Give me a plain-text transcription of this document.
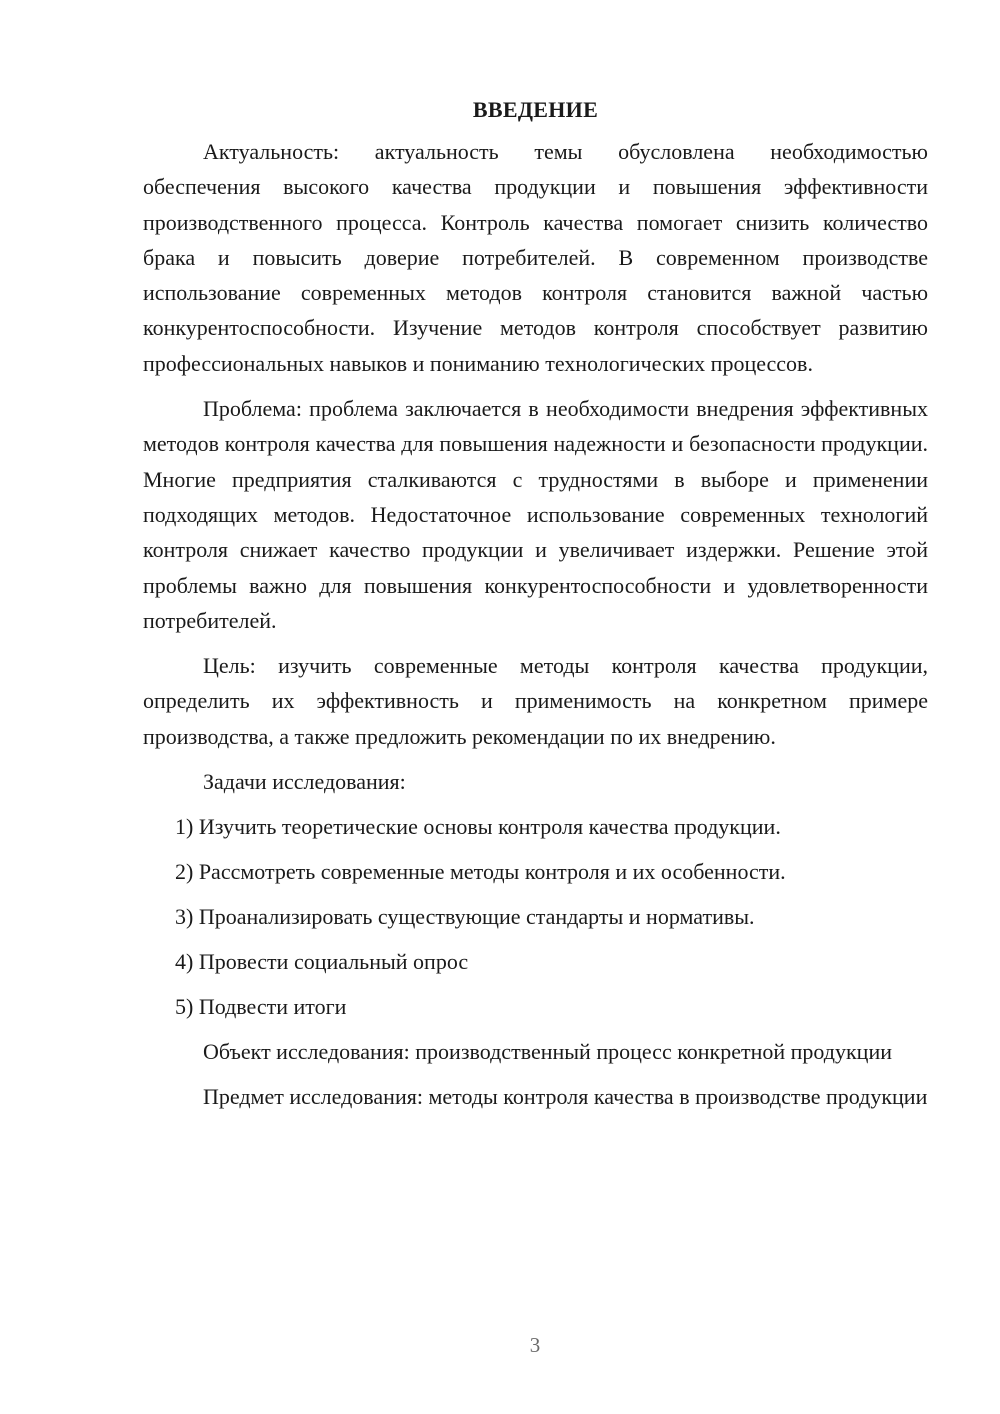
ВВЕДЕНИЕ

Актуальность: актуальность темы обусловлена необходимостью обеспечения высокого качества продукции и повышения эффективности производственного процесса. Контроль качества помогает снизить количество брака и повысить доверие потребителей. В современном производстве использование современных методов контроля становится важной частью конкурентоспособности. Изучение методов контроля способствует развитию профессиональных навыков и пониманию технологических процессов.

Проблема: проблема заключается в необходимости внедрения эффективных методов контроля качества для повышения надежности и безопасности продукции. Многие предприятия сталкиваются с трудностями в выборе и применении подходящих методов. Недостаточное использование современных технологий контроля снижает качество продукции и увеличивает издержки. Решение этой проблемы важно для повышения конкурентоспособности и удовлетворенности потребителей.

Цель: изучить современные методы контроля качества продукции, определить их эффективность и применимость на конкретном примере производства, а также предложить рекомендации по их внедрению.

Задачи исследования:

1) Изучить теоретические основы контроля качества продукции.

2) Рассмотреть современные методы контроля и их особенности.

3) Проанализировать существующие стандарты и нормативы.

4) Провести социальный опрос

5) Подвести итоги

Объект исследования: производственный процесс конкретной продукции

Предмет исследования: методы контроля качества в производстве продукции

3
